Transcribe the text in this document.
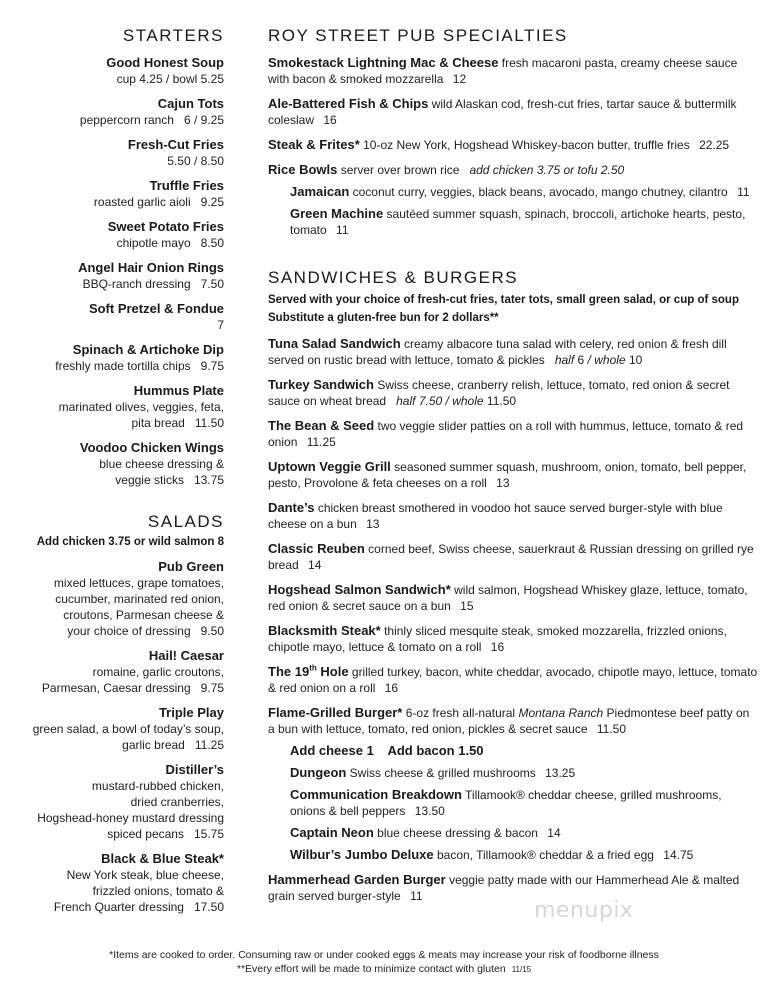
STARTERS
Good Honest Soup
cup 4.25 / bowl 5.25
Cajun Tots
peppercorn ranch   6 / 9.25
Fresh-Cut Fries
5.50 / 8.50
Truffle Fries
roasted garlic aioli   9.25
Sweet Potato Fries
chipotle mayo   8.50
Angel Hair Onion Rings
BBQ-ranch dressing   7.50
Soft Pretzel & Fondue
7
Spinach & Artichoke Dip
freshly made tortilla chips   9.75
Hummus Plate
marinated olives, veggies, feta,
pita bread   11.50
Voodoo Chicken Wings
blue cheese dressing &
veggie sticks   13.75
SALADS
Add chicken 3.75 or wild salmon 8
Pub Green
mixed lettuces, grape tomatoes,
cucumber, marinated red onion,
croutons, Parmesan cheese &
your choice of dressing   9.50
Hail! Caesar
romaine, garlic croutons,
Parmesan, Caesar dressing   9.75
Triple Play
green salad, a bowl of today’s soup,
garlic bread   11.25
Distiller’s
mustard-rubbed chicken,
dried cranberries,
Hogshead-honey mustard dressing
spiced pecans   15.75
Black & Blue Steak*
New York steak, blue cheese,
frizzled onions, tomato &
French Quarter dressing   17.50
ROY STREET PUB SPECIALTIES
Smokestack Lightning Mac & Cheese fresh macaroni pasta, creamy cheese sauce with bacon & smoked mozzarella 12
Ale-Battered Fish & Chips wild Alaskan cod, fresh-cut fries, tartar sauce & buttermilk coleslaw 16
Steak & Frites* 10-oz New York, Hogshead Whiskey-bacon butter, truffle fries 22.25
Rice Bowls server over brown rice add chicken 3.75 or tofu 2.50
Jamaican coconut curry, veggies, black beans, avocado, mango chutney, cilantro 11
Green Machine sautéed summer squash, spinach, broccoli, artichoke hearts, pesto, tomato 11
SANDWICHES & BURGERS
Served with your choice of fresh-cut fries, tater tots, small green salad, or cup of soup
Substitute a gluten-free bun for 2 dollars**
Tuna Salad Sandwich creamy albacore tuna salad with celery, red onion & fresh dill served on rustic bread with lettuce, tomato & pickles half 6 / whole 10
Turkey Sandwich Swiss cheese, cranberry relish, lettuce, tomato, red onion & secret sauce on wheat bread half 7.50 / whole 11.50
The Bean & Seed two veggie slider patties on a roll with hummus, lettuce, tomato & red onion 11.25
Uptown Veggie Grill seasoned summer squash, mushroom, onion, tomato, bell pepper, pesto, Provolone & feta cheeses on a roll 13
Dante’s chicken breast smothered in voodoo hot sauce served burger-style with blue cheese on a bun 13
Classic Reuben corned beef, Swiss cheese, sauerkraut & Russian dressing on grilled rye bread 14
Hogshead Salmon Sandwich* wild salmon, Hogshead Whiskey glaze, lettuce, tomato, red onion & secret sauce on a bun 15
Blacksmith Steak* thinly sliced mesquite steak, smoked mozzarella, frizzled onions, chipotle mayo, lettuce & tomato on a roll 16
The 19th Hole grilled turkey, bacon, white cheddar, avocado, chipotle mayo, lettuce, tomato & red onion on a roll 16
Flame-Grilled Burger* 6-oz fresh all-natural Montana Ranch Piedmontese beef patty on a bun with lettuce, tomato, red onion, pickles & secret sauce 11.50
Add cheese 1 Add bacon 1.50
Dungeon Swiss cheese & grilled mushrooms 13.25
Communication Breakdown Tillamook® cheddar cheese, grilled mushrooms, onions & bell peppers 13.50
Captain Neon blue cheese dressing & bacon 14
Wilbur’s Jumbo Deluxe bacon, Tillamook® cheddar & a fried egg 14.75
Hammerhead Garden Burger veggie patty made with our Hammerhead Ale & malted grain served burger-style 11
menupix
*Items are cooked to order. Consuming raw or under cooked eggs & meats may increase your risk of foodborne illness
**Every effort will be made to minimize contact with gluten 11/15
